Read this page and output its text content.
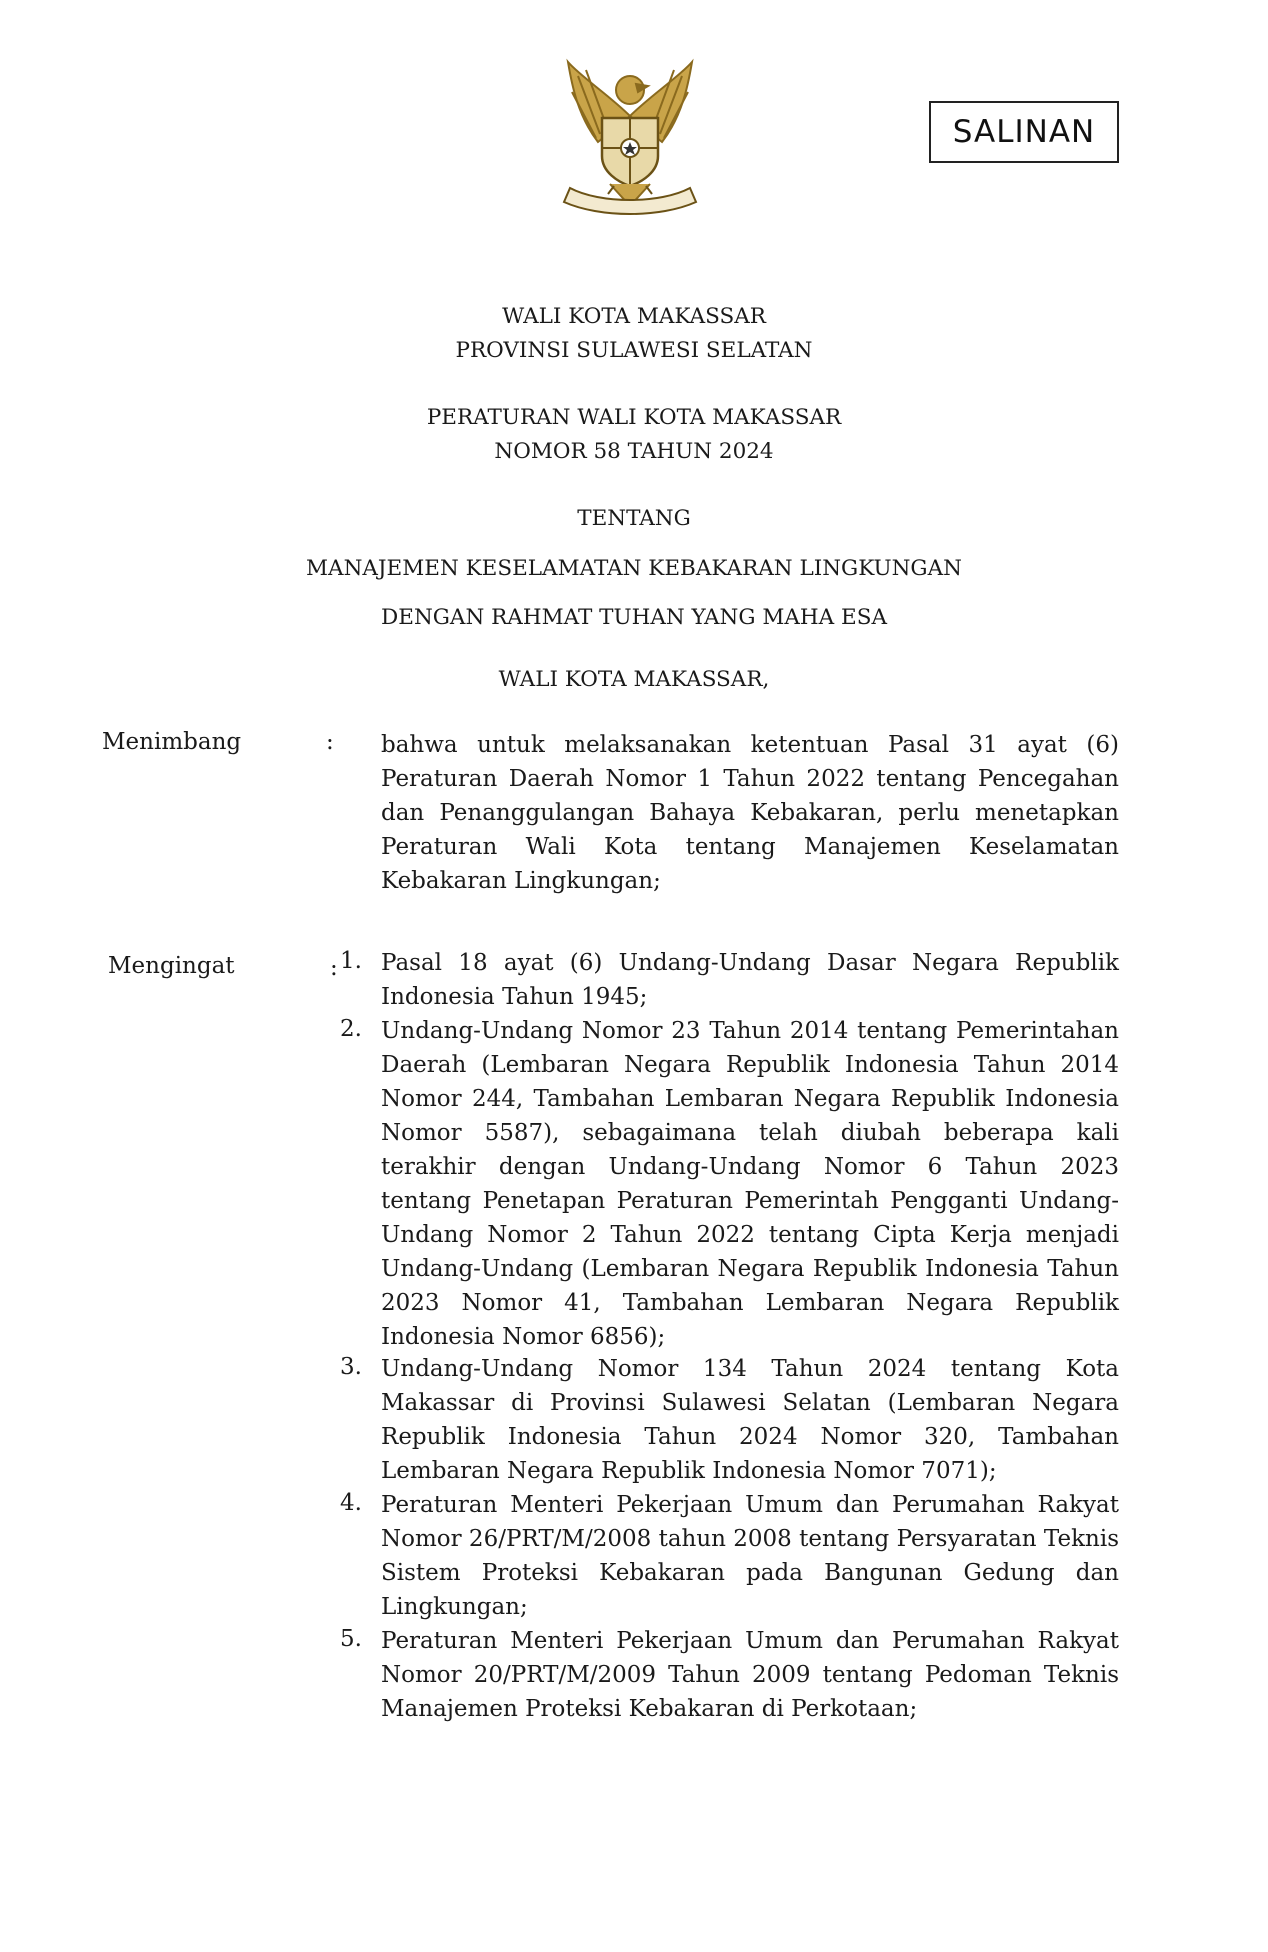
SALINAN
WALI KOTA MAKASSAR
PROVINSI SULAWESI SELATAN
PERATURAN WALI KOTA MAKASSAR
NOMOR 58 TAHUN 2024
TENTANG
MANAJEMEN KESELAMATAN KEBAKARAN LINGKUNGAN
DENGAN RAHMAT TUHAN YANG MAHA ESA
WALI KOTA MAKASSAR,
Menimbang	: bahwa untuk melaksanakan ketentuan Pasal 31 ayat (6) Peraturan Daerah Nomor 1 Tahun 2022 tentang Pencegahan dan Penanggulangan Bahaya Kebakaran, perlu menetapkan Peraturan Wali Kota tentang Manajemen Keselamatan Kebakaran Lingkungan;
Mengingat	: 1. Pasal 18 ayat (6) Undang-Undang Dasar Negara Republik Indonesia Tahun 1945;
2. Undang-Undang Nomor 23 Tahun 2014 tentang Pemerintahan Daerah (Lembaran Negara Republik Indonesia Tahun 2014 Nomor 244, Tambahan Lembaran Negara Republik Indonesia Nomor 5587), sebagaimana telah diubah beberapa kali terakhir dengan Undang-Undang Nomor 6 Tahun 2023 tentang Penetapan Peraturan Pemerintah Pengganti Undang-Undang Nomor 2 Tahun 2022 tentang Cipta Kerja menjadi Undang-Undang (Lembaran Negara Republik Indonesia Tahun 2023 Nomor 41, Tambahan Lembaran Negara Republik Indonesia Nomor 6856);
3. Undang-Undang Nomor 134 Tahun 2024 tentang Kota Makassar di Provinsi Sulawesi Selatan (Lembaran Negara Republik Indonesia Tahun 2024 Nomor 320, Tambahan Lembaran Negara Republik Indonesia Nomor 7071);
4. Peraturan Menteri Pekerjaan Umum dan Perumahan Rakyat Nomor 26/PRT/M/2008 tahun 2008 tentang Persyaratan Teknis Sistem Proteksi Kebakaran pada Bangunan Gedung dan Lingkungan;
5. Peraturan Menteri Pekerjaan Umum dan Perumahan Rakyat Nomor 20/PRT/M/2009 Tahun 2009 tentang Pedoman Teknis Manajemen Proteksi Kebakaran di Perkotaan;
